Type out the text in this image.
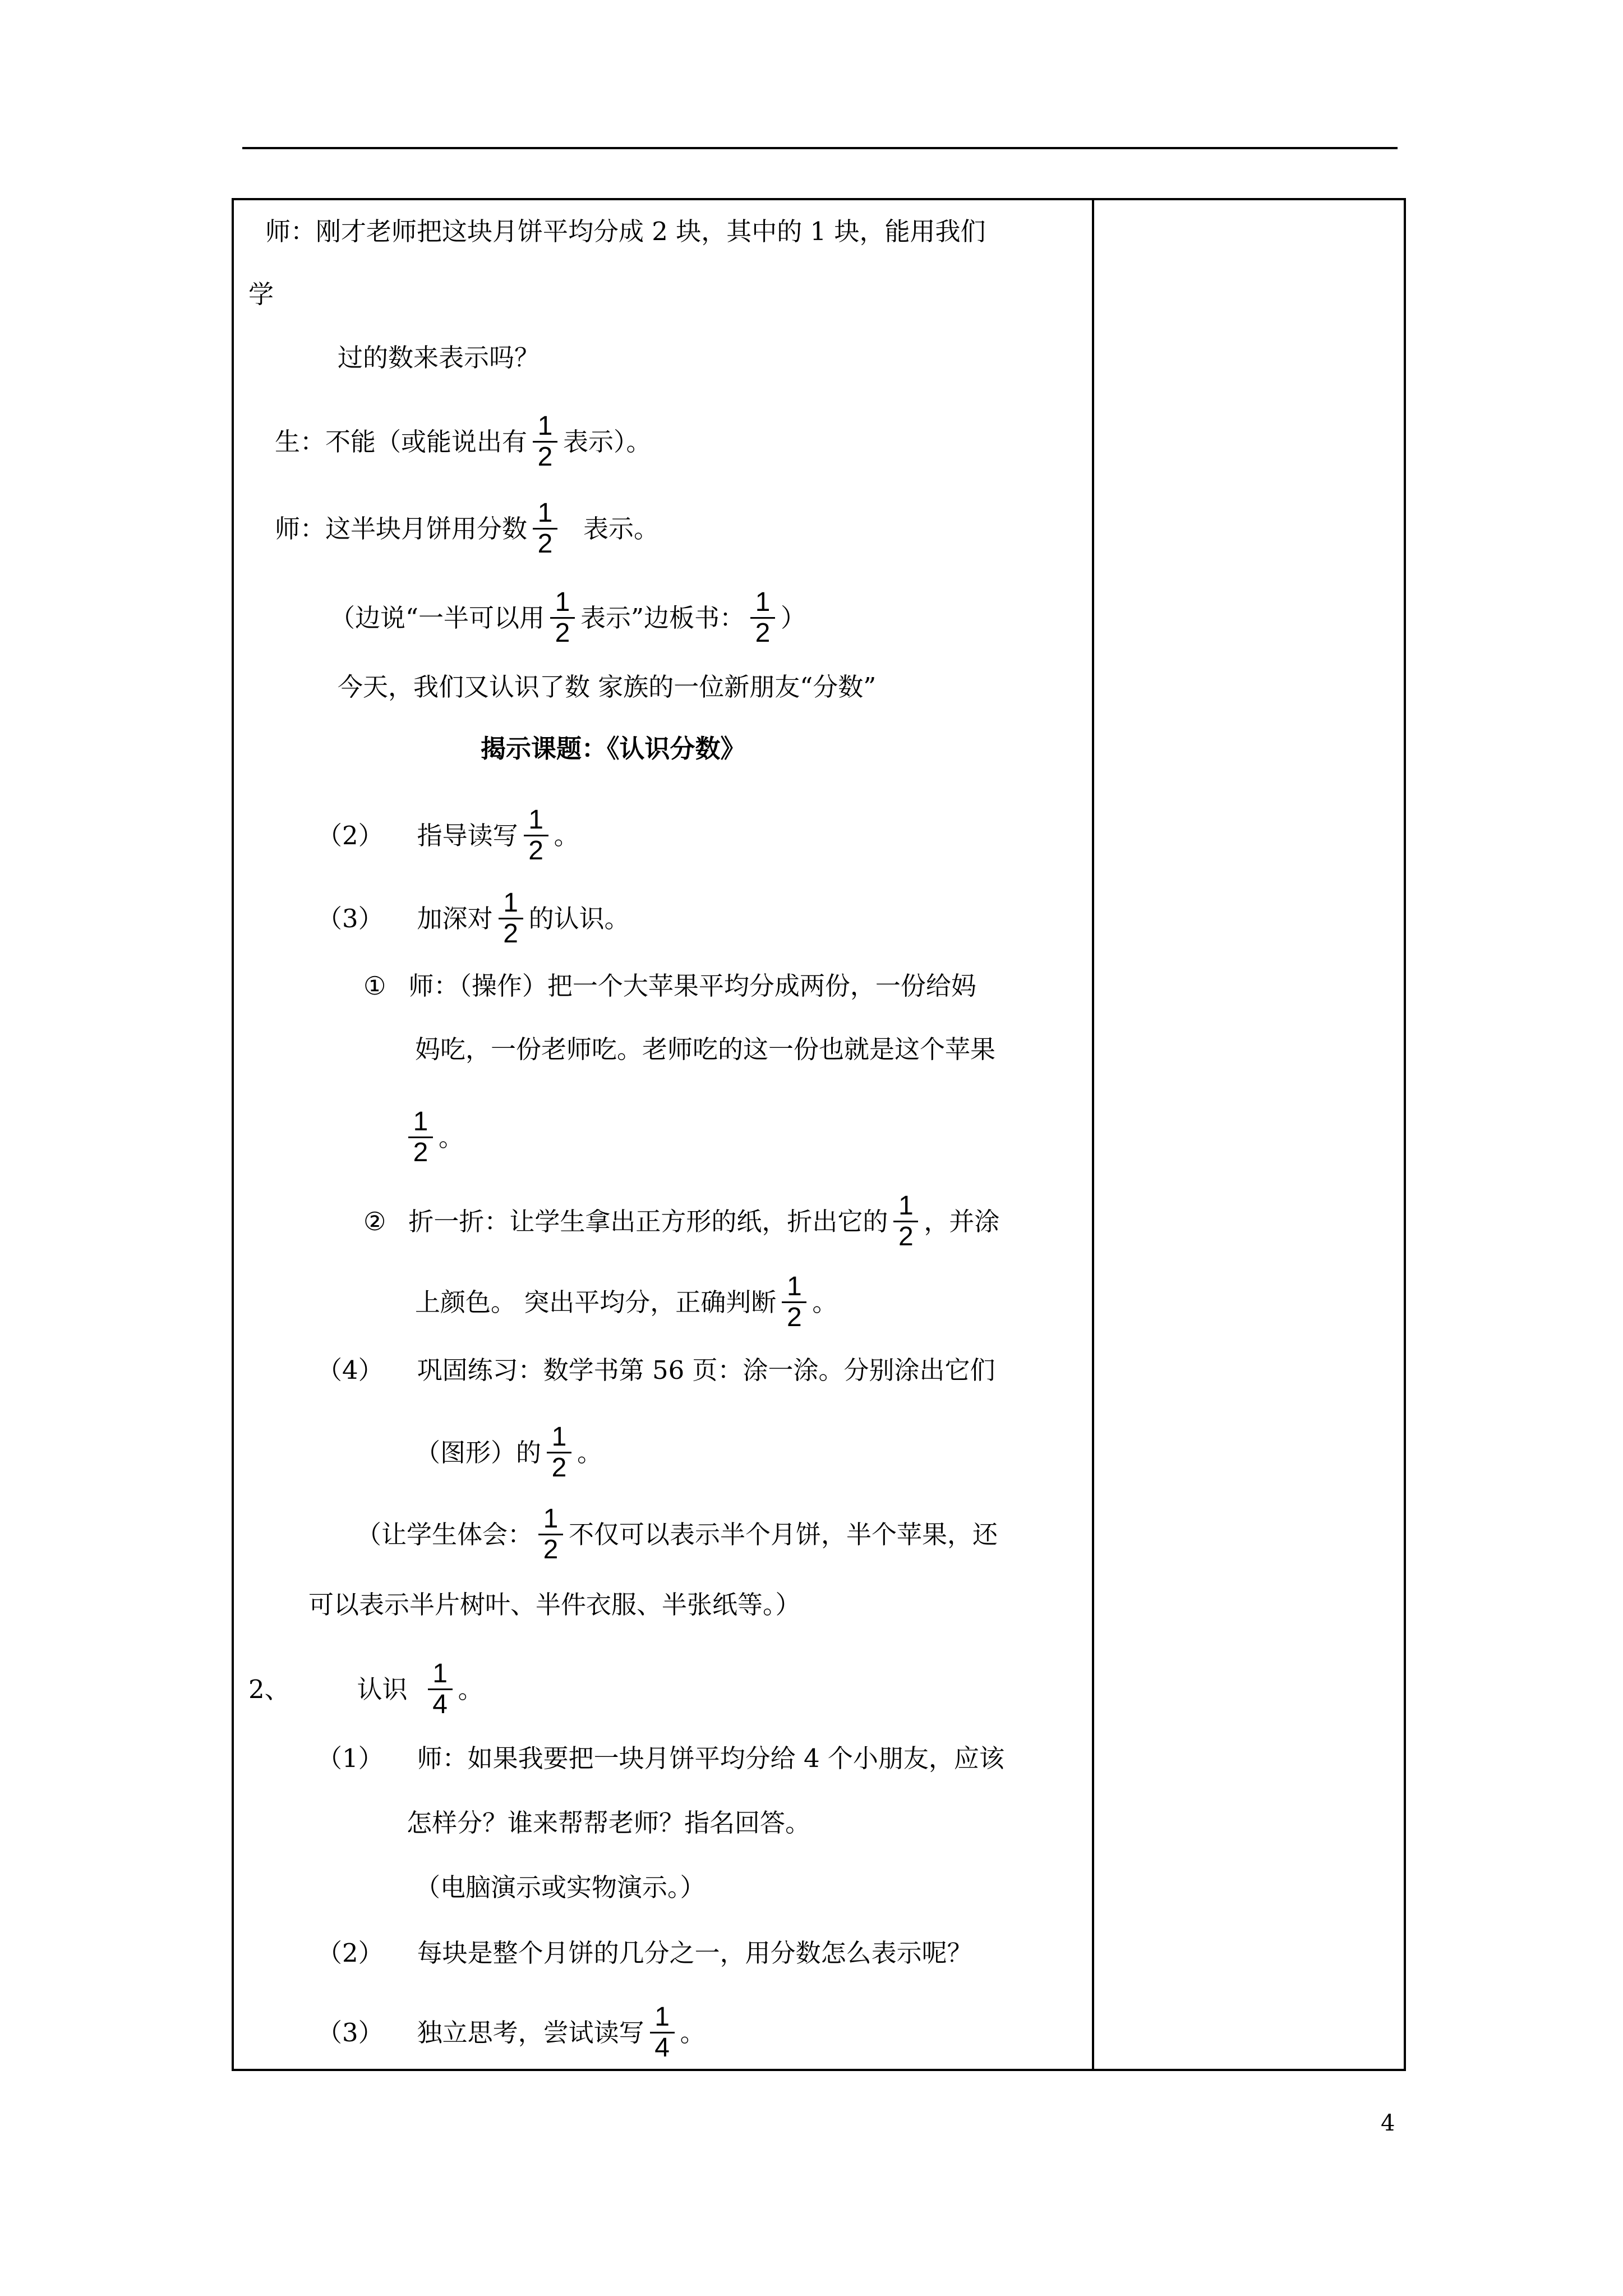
师：刚才老师把这块月饼平均分成 2 块，其中的 1 块，能用我们
学
过的数来表示吗？
生：不能（或能说出有 $\frac{1}{2}$ 表示）。
师：这半块月饼用分数 $\frac{1}{2}$ 表示。
（边说“一半可以用 $\frac{1}{2}$ 表示”边板书： $\frac{1}{2}$ ）
今天，我们又认识了数 家族的一位新朋友“分数”
揭示课题：《认识分数》
（2） 指导读写 $\frac{1}{2}$ 。
（3） 加深对 $\frac{1}{2}$ 的认识。
① 师：（操作）把一个大苹果平均分成两份，一份给妈
妈吃，一份老师吃。老师吃的这一份也就是这个苹果
$\frac{1}{2}$ 。
② 折一折：让学生拿出正方形的纸，折出它的 $\frac{1}{2}$ ，并涂
上颜色。 突出平均分，正确判断 $\frac{1}{2}$ 。
（4） 巩固练习：数学书第 56 页：涂一涂。分别涂出它们
（图形）的 $\frac{1}{2}$ 。
（让学生体会： $\frac{1}{2}$ 不仅可以表示半个月饼，半个苹果，还
可以表示半片树叶、半件衣服、半张纸等。）
2、	认识 $\frac{1}{4}$ 。
（1） 师：如果我要把一块月饼平均分给 4 个小朋友，应该
怎样分？谁来帮帮老师？指名回答。
（电脑演示或实物演示。）
（2） 每块是整个月饼的几分之一，用分数怎么表示呢？
（3） 独立思考，尝试读写 $\frac{1}{4}$ 。
4
